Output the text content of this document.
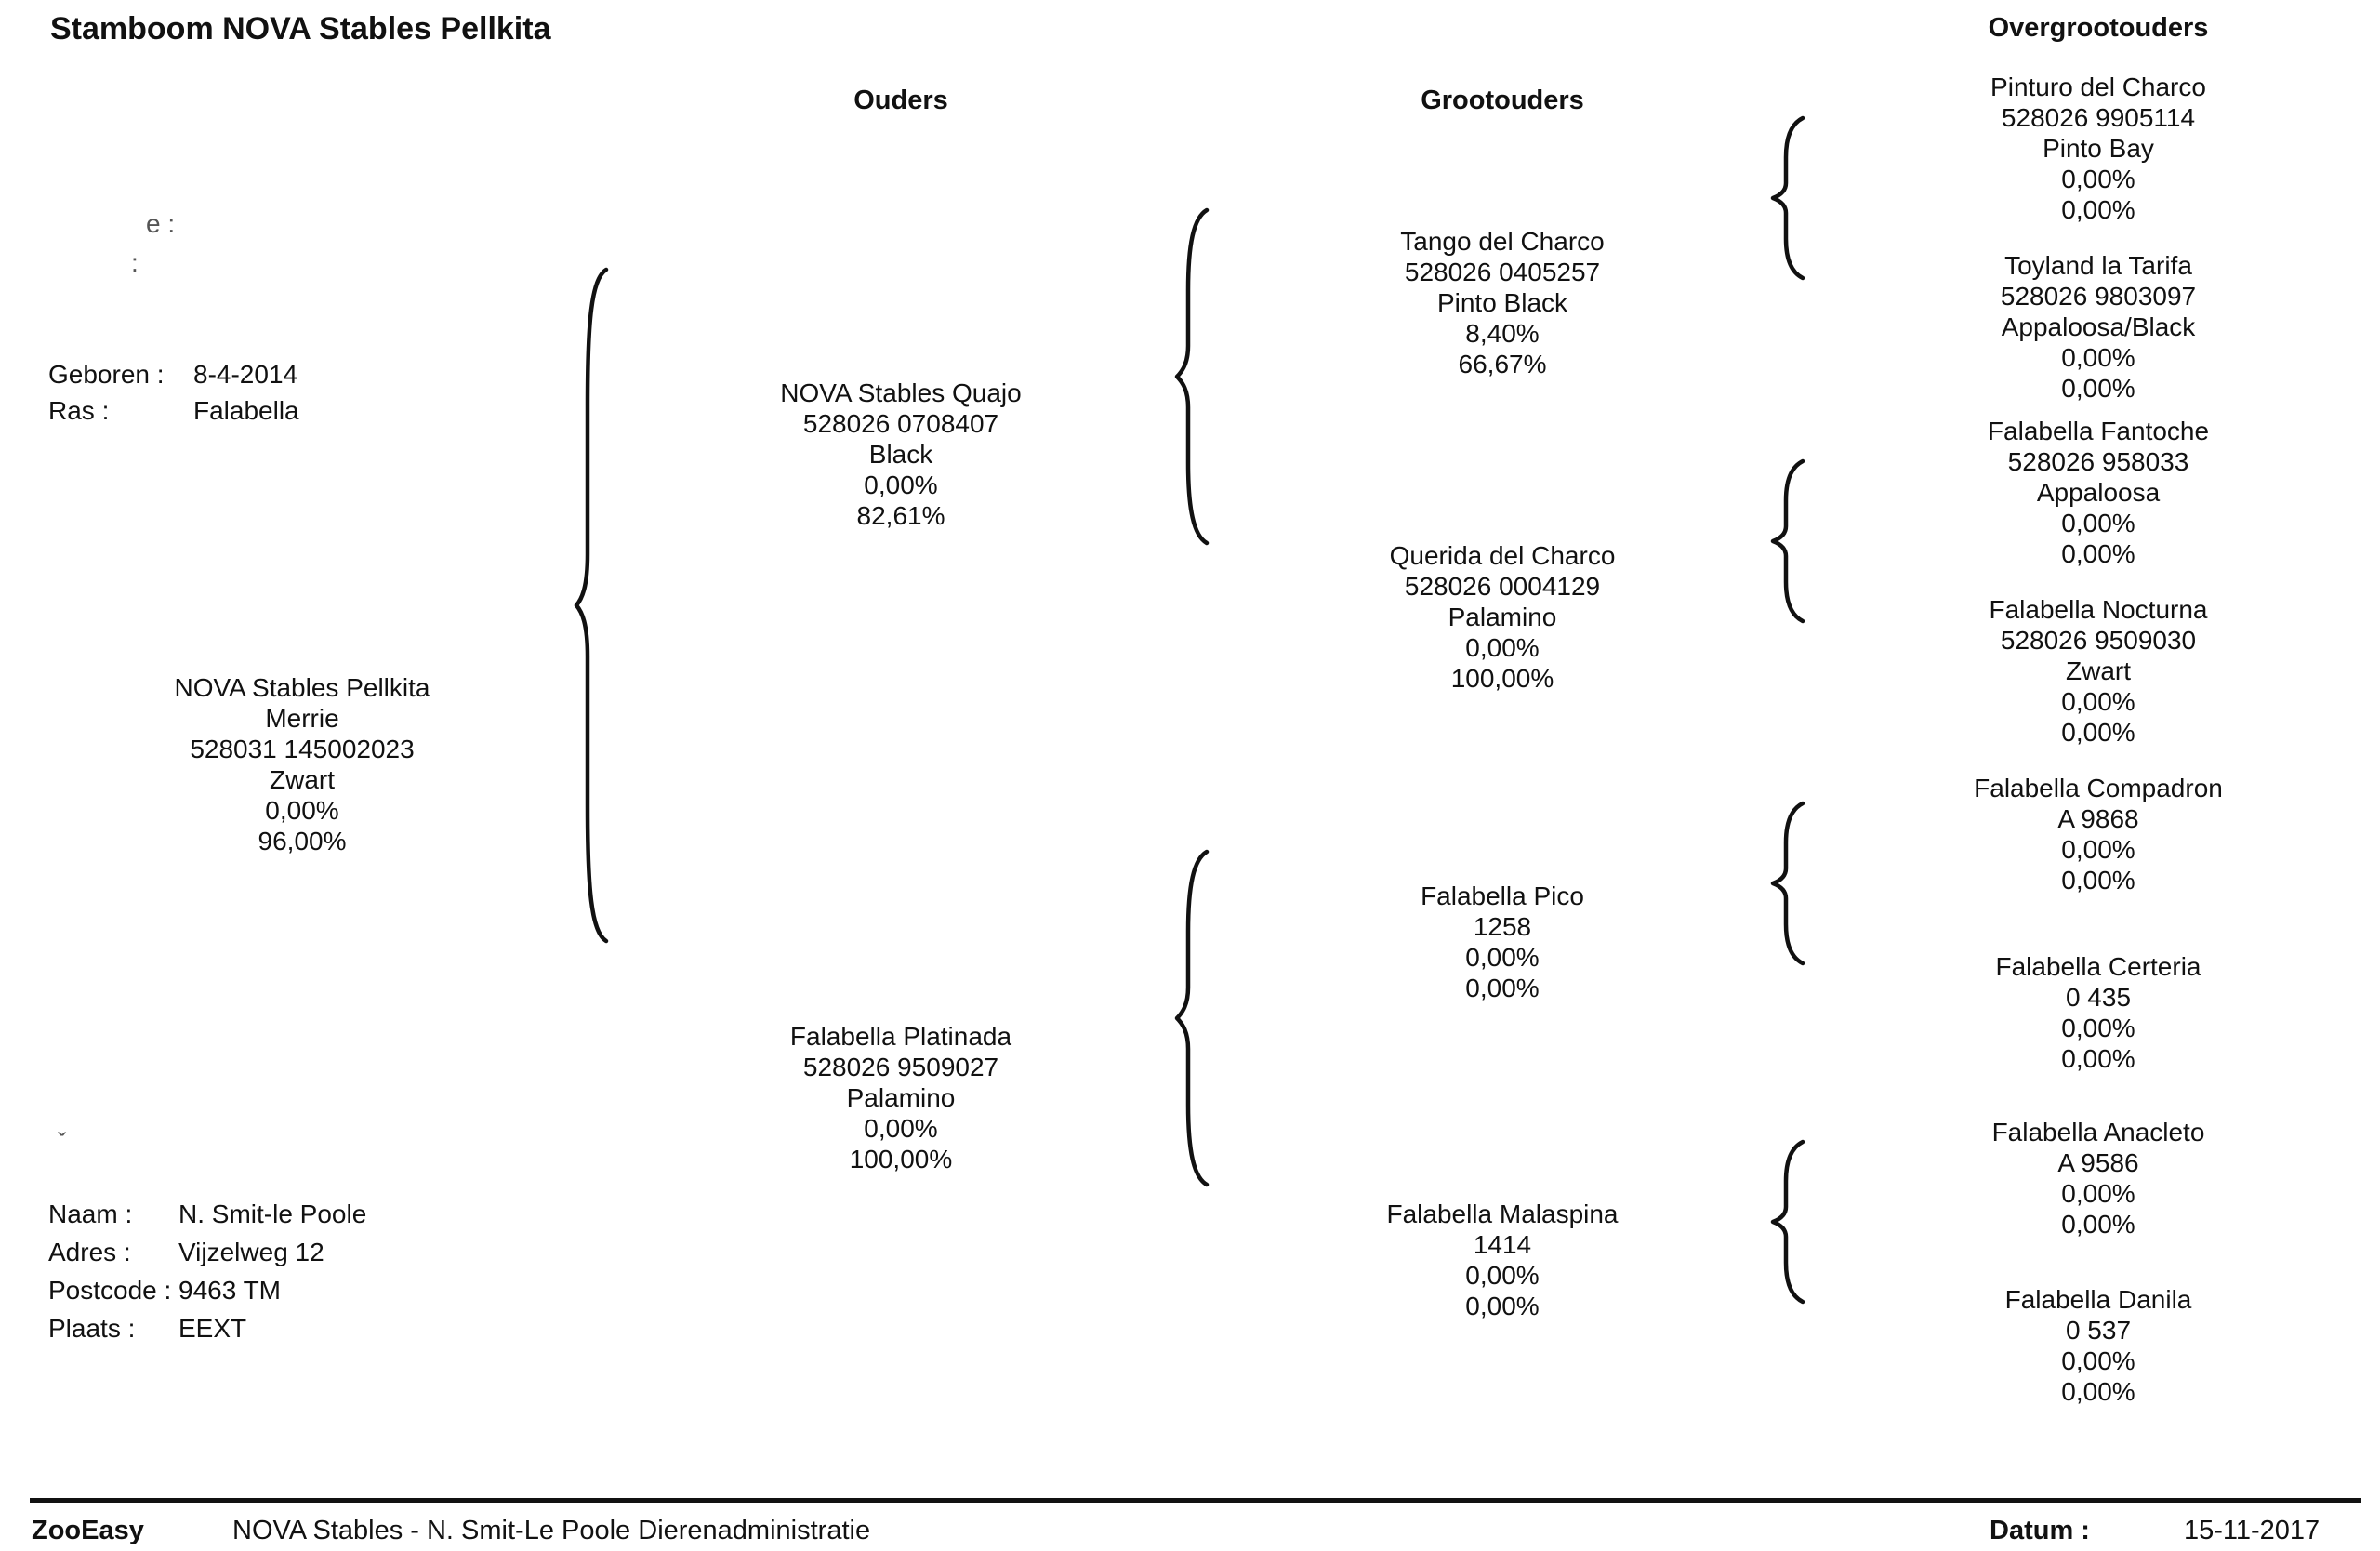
Stamboom NOVA Stables Pellkita
Ouders	Grootouders
Overgrootouders
e :
:
ˇ
Geboren : 8-4-2014
Ras :	Falabella
NOVA Stables Pellkita
Merrie
528031 145002023
Zwart
0,00%
96,00%
NOVA Stables Quajo
528026 0708407
Black
0,00%
82,61%
Falabella Platinada
528026 9509027
Palamino
0,00%
100,00%
Tango del Charco
528026 0405257
Pinto Black
8,40%
66,67%
Querida del Charco
528026 0004129
Palamino
0,00%
100,00%
Falabella Pico
1258
0,00%
0,00%
Falabella Malaspina
1414
0,00%
0,00%
Pinturo del Charco
528026 9905114
Pinto Bay
0,00%
0,00%
Toyland la Tarifa
528026 9803097
Appaloosa/Black
0,00%
0,00%
Falabella Fantoche
528026 958033
Appaloosa
0,00%
0,00%
Falabella Nocturna
528026 9509030
Zwart
0,00%
0,00%
Falabella Compadron
A 9868
0,00%
0,00%
Falabella Certeria
0 435
0,00%
0,00%
Falabella Anacleto
A 9586
0,00%
0,00%
Falabella Danila
0 537
0,00%
0,00%
Naam : N. Smit-le Poole
Adres : Vijzelweg 12
Postcode : 9463 TM
Plaats : EEXT
ZooEasy	NOVA Stables - N. Smit-Le Poole Dierenadministratie	Datum :	15-11-2017
